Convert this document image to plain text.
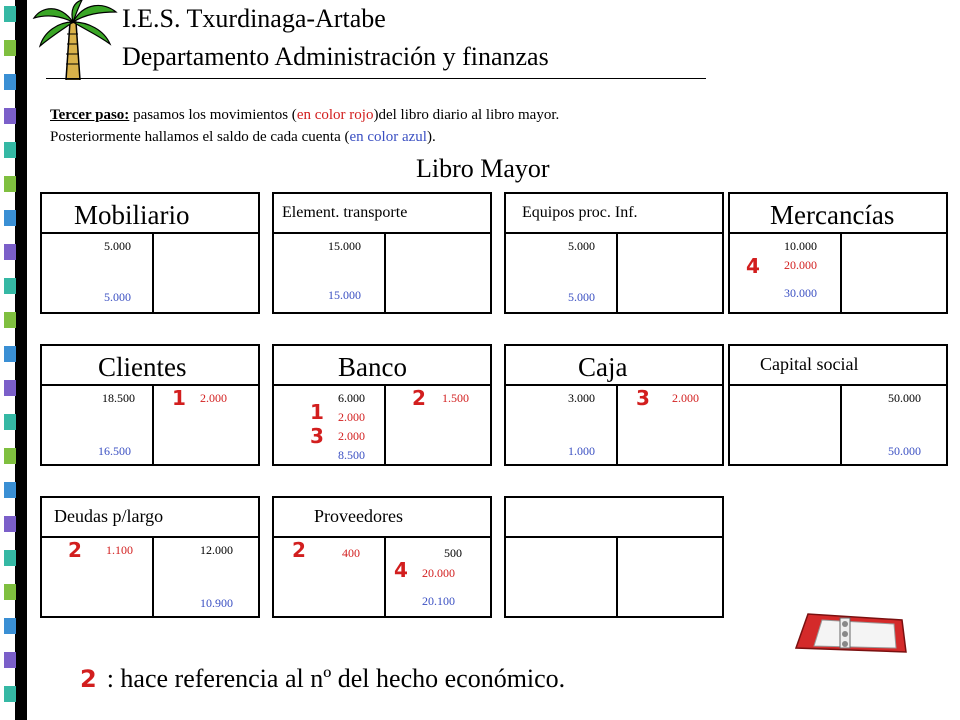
I.E.S. Txurdinaga-Artabe
Departamento Administración y finanzas
Tercer paso: pasamos los movimientos (en color rojo)del libro diario al libro mayor.
Posteriormente hallamos el saldo de cada cuenta (en color azul).
Libro Mayor
Mobiliario
5.000
5.000
Element. transporte
15.000
15.000
Equipos proc. Inf.
5.000
5.000
Mercancías
10.000
4 20.000
30.000
Clientes
18.500 1 2.000
16.500
Banco
6.000
1 2.000
3 2.000
8.500
2 1.500
Caja
3.000 3 2.000
1.000
Capital social
50.000
50.000
Deudas p/largo
2 1.100	12.000
10.900
Proveedores
2	400	500
4 20.000
20.100
2 : hace referencia al nº del hecho económico.
